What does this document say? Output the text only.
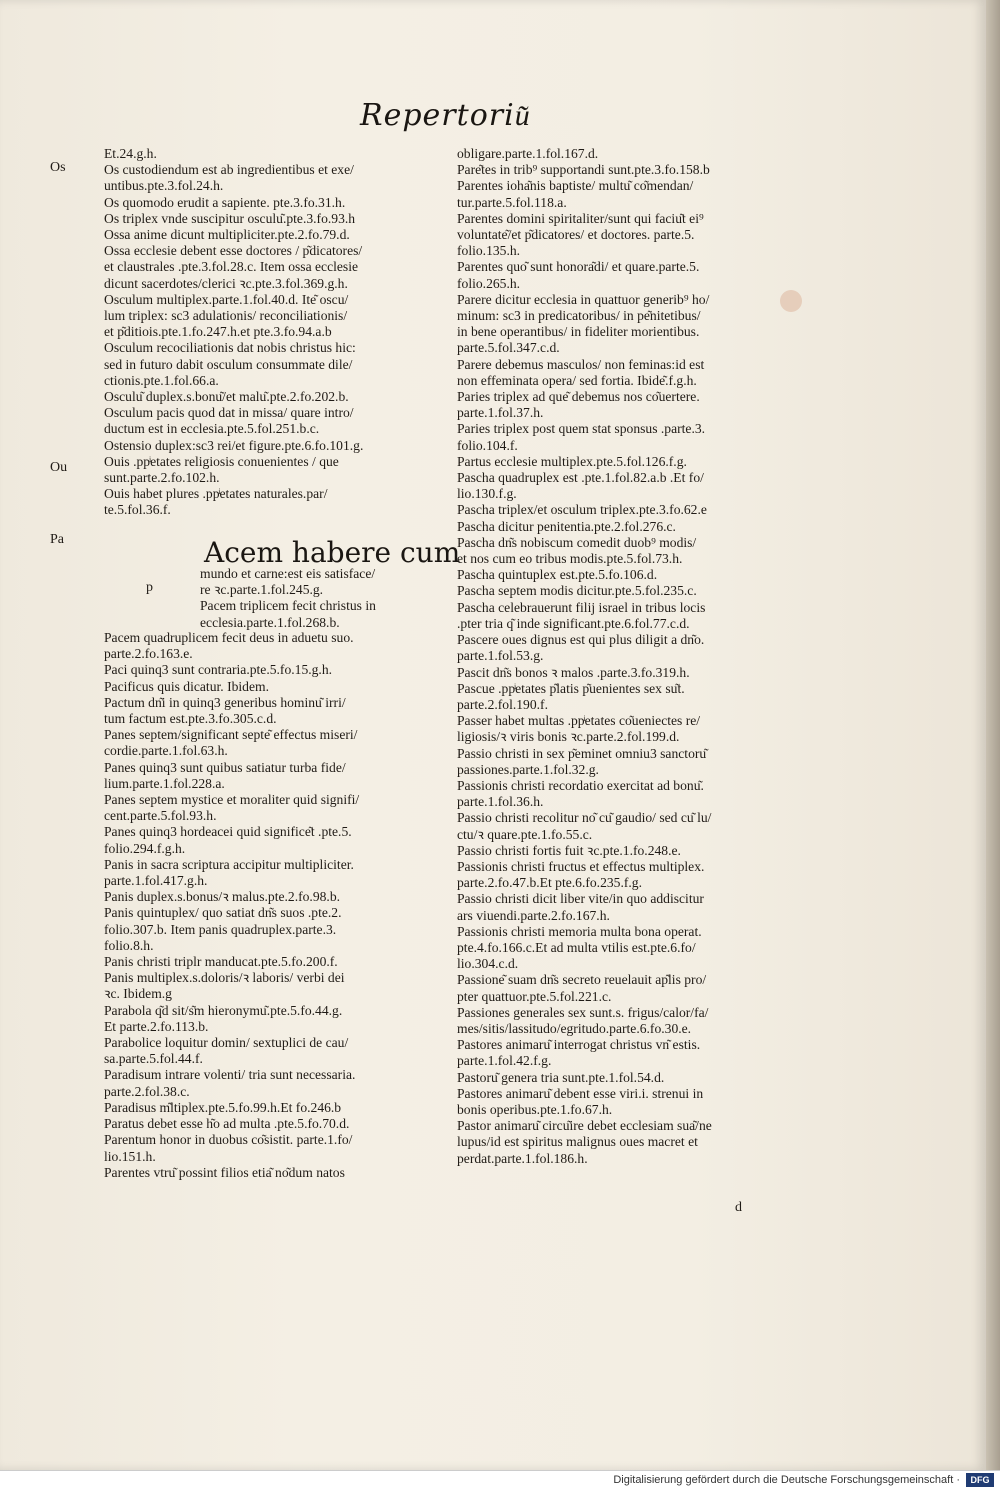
Repertoriu͂
Os
Ou
Pa
Et.24.g.h.
Os custodiendum est ab ingredientibus et exe/
untibus.pte.3.fol.24.h.
Os quomodo erudit a sapiente. pte.3.fo.31.h.
Os triplex vnde suscipitur osculu͂.pte.3.fo.93.h
Ossa anime dicunt multipliciter.pte.2.fo.79.d.
Ossa ecclesie debent esse doctores / p͂dicatores/
et claustrales .pte.3.fol.28.c. Item ossa ecclesie
dicunt sacerdotes/clerici ꝛc.pte.3.fol.369.g.h.
Osculum multiplex.parte.1.fol.40.d. Ite͂ oscu/
lum triplex: sc3 adulationis/ reconciliationis/
et p͂ditiois.pte.1.fo.247.h.et pte.3.fo.94.a.b
Osculum recociliationis dat nobis christus hic:
sed in futuro dabit osculum consummate dile/
ctionis.pte.1.fol.66.a.
Osculu͂ duplex.s.bonu͂/et malu͂.pte.2.fo.202.b.
Osculum pacis quod dat in missa/ quare intro/
ductum est in ecclesia.pte.5.fol.251.b.c.
Ostensio duplex:sc3 rei/et figure.pte.6.fo.101.g.
Ouis .ppͥetates religiosis conuenientes / que
sunt.parte.2.fo.102.h.
Ouis habet plures .ppͥetates naturales.par/
te.5.fol.36.f.
Acem habere cum
p
mundo et carne:est eis satisface/
re ꝛc.parte.1.fol.245.g.
Pacem triplicem fecit christus in
ecclesia.parte.1.fol.268.b.
Pacem quadruplicem fecit deus in aduetu suo.
parte.2.fo.163.e.
Paci quinq3 sunt contraria.pte.5.fo.15.g.h.
Pacificus quis dicatur. Ibidem.
Pactum dn͂i in quinq3 generibus hominu͂ irri/
tum factum est.pte.3.fo.305.c.d.
Panes septem/significant septe͂ effectus miseri/
cordie.parte.1.fol.63.h.
Panes quinq3 sunt quibus satiatur turba fide/
lium.parte.1.fol.228.a.
Panes septem mystice et moraliter quid signifi/
cent.parte.5.fol.93.h.
Panes quinq3 hordeacei quid significe͂t .pte.5.
folio.294.f.g.h.
Panis in sacra scriptura accipitur multipliciter.
parte.1.fol.417.g.h.
Panis duplex.s.bonus/ꝛ malus.pte.2.fo.98.b.
Panis quintuplex/ quo satiat dn͂s suos .pte.2.
folio.307.b. Item panis quadruplex.parte.3.
folio.8.h.
Panis christi triplr manducat.pte.5.fo.200.f.
Panis multiplex.s.doloris/ꝛ laboris/ verbi dei
ꝛc. Ibidem.g
Parabola q͂d sit/s͂m hieronymu͂.pte.5.fo.44.g.
Et parte.2.fo.113.b.
Parabolice loquitur domin/ sextuplici de cau/
sa.parte.5.fol.44.f.
Paradisum intrare volenti/ tria sunt necessaria.
parte.2.fol.38.c.
Paradisus m͂ltiplex.pte.5.fo.99.h.Et fo.246.b
Paratus debet esse h͂o ad multa .pte.5.fo.70.d.
Parentum honor in duobus co͂sistit. parte.1.fo/
lio.151.h.
Parentes vtru͂ possint filios etia͂ no͂dum natos
obligare.parte.1.fol.167.d.
Pare͂tes in trib⁹ supportandi sunt.pte.3.fo.158.b
Parentes ioha͂nis baptiste/ multu͂ co͂mendan/
tur.parte.5.fol.118.a.
Parentes domini spiritaliter/sunt qui faciu͂t ei⁹
voluntate͂/et p͂dicatores/ et doctores. parte.5.
folio.135.h.
Parentes quo͂ sunt honora͂di/ et quare.parte.5.
folio.265.h.
Parere dicitur ecclesia in quattuor generib⁹ ho/
minum: sc3 in predicatoribus/ in pe͂nitetibus/
in bene operantibus/ in fideliter morientibus.
parte.5.fol.347.c.d.
Parere debemus masculos/ non feminas:id est
non effeminata opera/ sed fortia. Ibide͂.f.g.h.
Paries triplex ad que͂ debemus nos co͂uertere.
parte.1.fol.37.h.
Paries triplex post quem stat sponsus .parte.3.
folio.104.f.
Partus ecclesie multiplex.pte.5.fol.126.f.g.
Pascha quadruplex est .pte.1.fol.82.a.b .Et fo/
lio.130.f.g.
Pascha triplex/et osculum triplex.pte.3.fo.62.e
Pascha dicitur penitentia.pte.2.fol.276.c.
Pascha dn͂s nobiscum comedit duob⁹ modis/
et nos cum eo tribus modis.pte.5.fol.73.h.
Pascha quintuplex est.pte.5.fo.106.d.
Pascha septem modis dicitur.pte.5.fol.235.c.
Pascha celebrauerunt filij israel in tribus locis
.pter tria q͂ inde significant.pte.6.fol.77.c.d.
Pascere oues dignus est qui plus diligit a dn͂o.
parte.1.fol.53.g.
Pascit dn͂s bonos ꝛ malos .parte.3.fo.319.h.
Pascue .ppͥetates p͂latis p͂uenientes sex su͂t.
parte.2.fol.190.f.
Passer habet multas .ppͥetates co͂ueniectes re/
ligiosis/ꝛ viris bonis ꝛc.parte.2.fol.199.d.
Passio christi in sex p͂eminet omniu3 sanctoru͂
passiones.parte.1.fol.32.g.
Passionis christi recordatio exercitat ad bonu͂.
parte.1.fol.36.h.
Passio christi recolitur no͂ cu͂ gaudio/ sed cu͂ lu/
ctu/ꝛ quare.pte.1.fo.55.c.
Passio christi fortis fuit ꝛc.pte.1.fo.248.e.
Passionis christi fructus et effectus multiplex.
parte.2.fo.47.b.Et pte.6.fo.235.f.g.
Passio christi dicit liber vite/in quo addiscitur
ars viuendi.parte.2.fo.167.h.
Passionis christi memoria multa bona operat.
pte.4.fo.166.c.Et ad multa vtilis est.pte.6.fo/
lio.304.c.d.
Passione͂ suam dn͂s secreto reuelauit ap͂lis pro/
pter quattuor.pte.5.fol.221.c.
Passiones generales sex sunt.s. frigus/calor/fa/
mes/sitis/lassitudo/egritudo.parte.6.fo.30.e.
Pastores animaru͂ interrogat christus vn͂ estis.
parte.1.fol.42.f.g.
Pastoru͂ genera tria sunt.pte.1.fol.54.d.
Pastores animaru͂ debent esse viri.i. strenui in
bonis operibus.pte.1.fo.67.h.
Pastor animaru͂ circu͂ire debet ecclesiam sua͂/ne
lupus/id est spiritus malignus oues macret et
perdat.parte.1.fol.186.h.
d
Digitalisierung gefördert durch die Deutsche Forschungsgemeinschaft ·	DFG
